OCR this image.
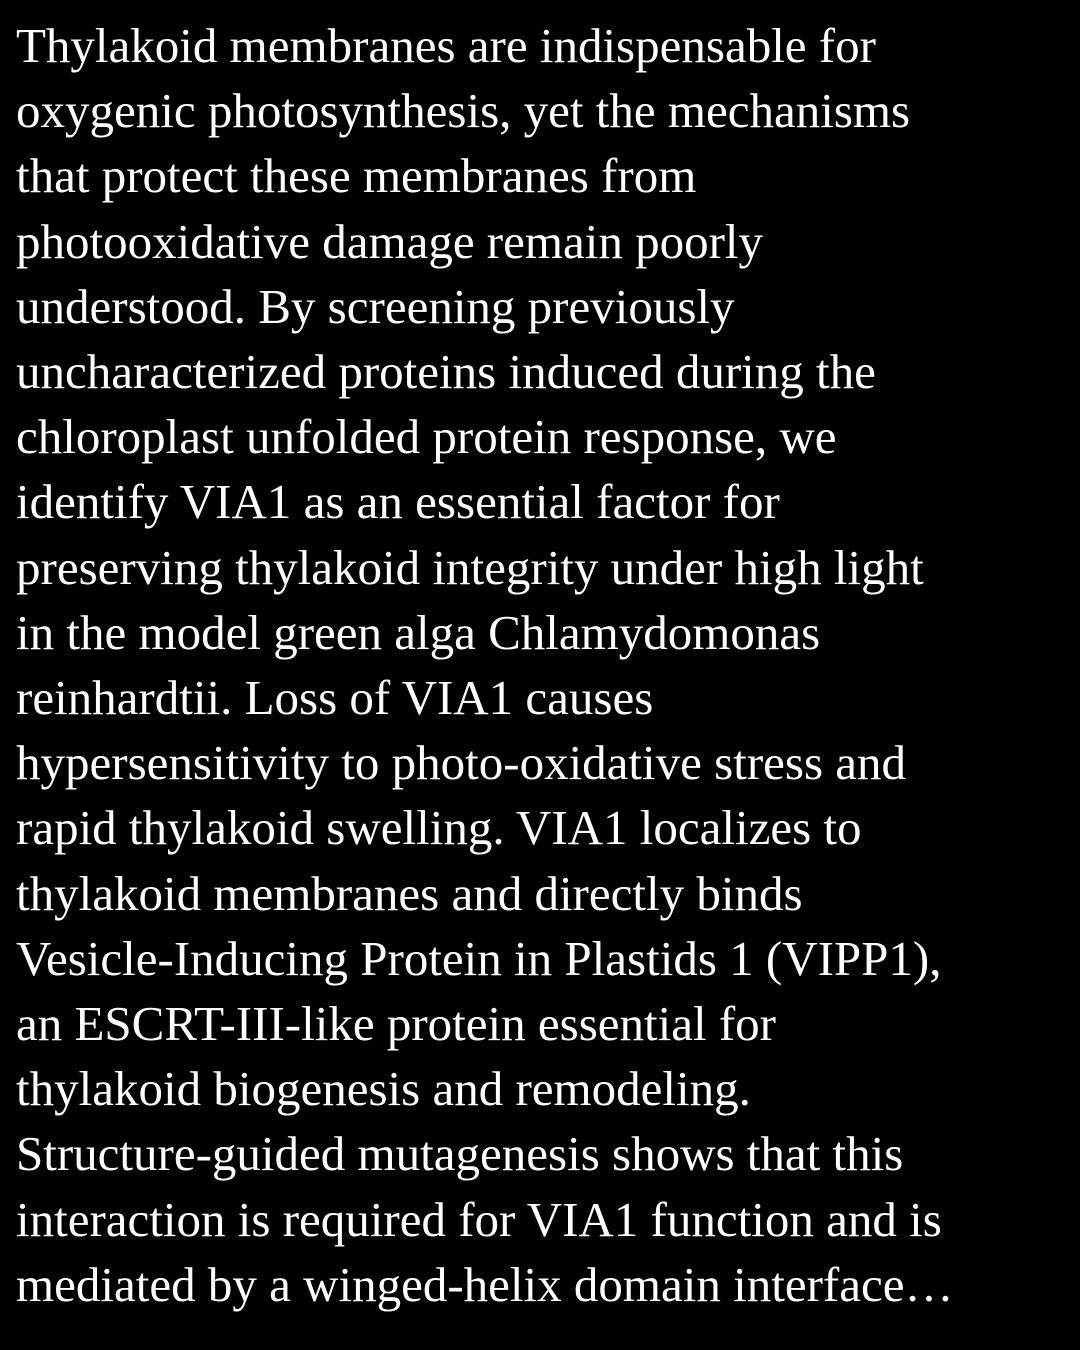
Thylakoid membranes are indispensable for
oxygenic photosynthesis, yet the mechanisms
that protect these membranes from
photooxidative damage remain poorly
understood. By screening previously
uncharacterized proteins induced during the
chloroplast unfolded protein response, we
identify VIA1 as an essential factor for
preserving thylakoid integrity under high light
in the model green alga Chlamydomonas
reinhardtii. Loss of VIA1 causes
hypersensitivity to photo-oxidative stress and
rapid thylakoid swelling. VIA1 localizes to
thylakoid membranes and directly binds
Vesicle-Inducing Protein in Plastids 1 (VIPP1),
an ESCRT-III-like protein essential for
thylakoid biogenesis and remodeling.
Structure-guided mutagenesis shows that this
interaction is required for VIA1 function and is
mediated by a winged-helix domain interface…
